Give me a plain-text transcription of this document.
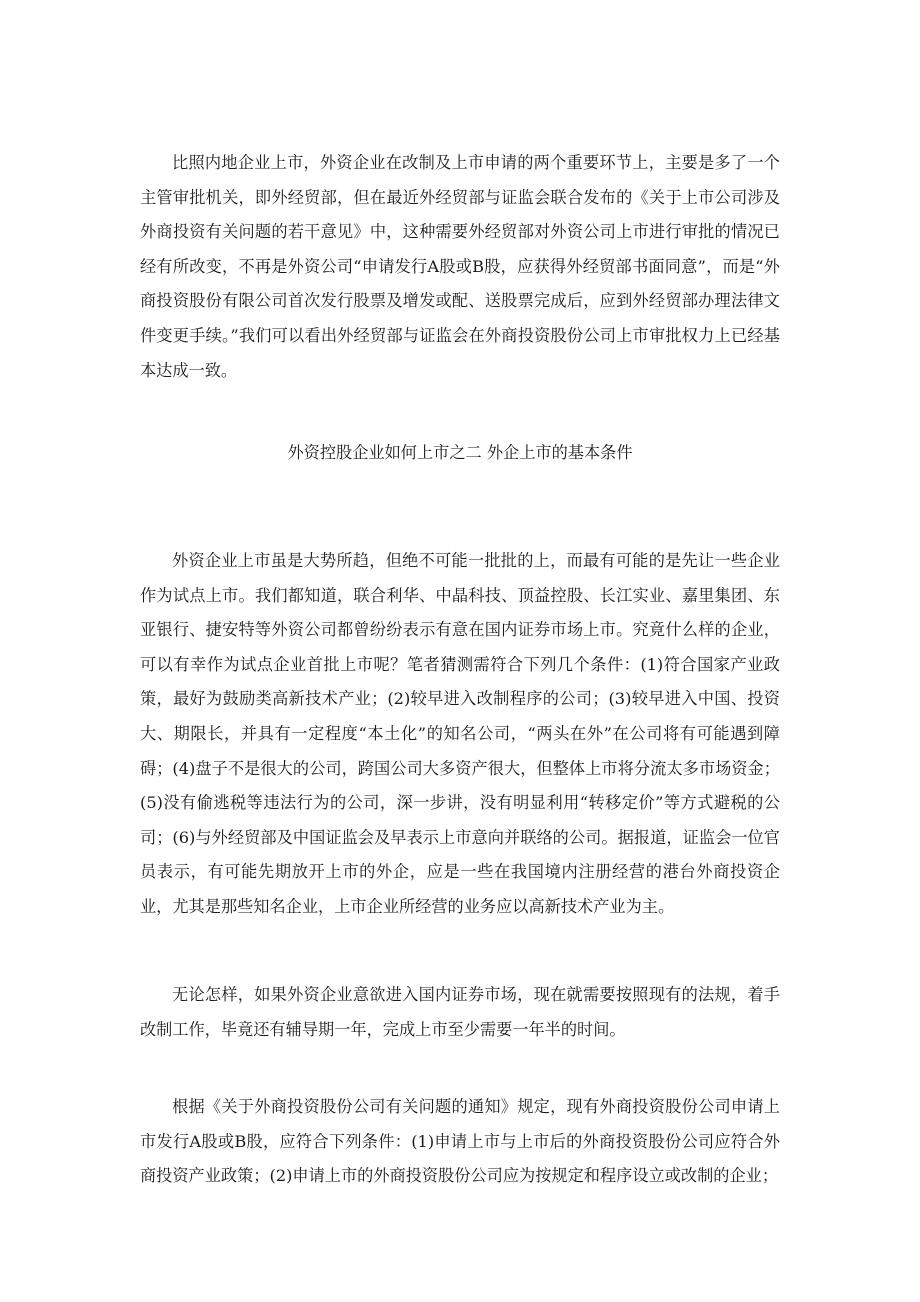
比照内地企业上市，外资企业在改制及上市申请的两个重要环节上，主要是多了一个主管审批机关，即外经贸部，但在最近外经贸部与证监会联合发布的《关于上市公司涉及外商投资有关问题的若干意见》中，这种需要外经贸部对外资公司上市进行审批的情况已经有所改变，不再是外资公司“申请发行A股或B股，应获得外经贸部书面同意”，而是“外商投资股份有限公司首次发行股票及增发或配、送股票完成后，应到外经贸部办理法律文件变更手续。”我们可以看出外经贸部与证监会在外商投资股份公司上市审批权力上已经基本达成一致。

外资控股企业如何上市之二 外企上市的基本条件

外资企业上市虽是大势所趋，但绝不可能一批批的上，而最有可能的是先让一些企业作为试点上市。我们都知道，联合利华、中晶科技、顶益控股、长江实业、嘉里集团、东亚银行、捷安特等外资公司都曾纷纷表示有意在国内证券市场上市。究竟什么样的企业，可以有幸作为试点企业首批上市呢？笔者猜测需符合下列几个条件：(1)符合国家产业政策，最好为鼓励类高新技术产业；(2)较早进入改制程序的公司；(3)较早进入中国、投资大、期限长，并具有一定程度“本土化”的知名公司，“两头在外”在公司将有可能遇到障碍；(4)盘子不是很大的公司，跨国公司大多资产很大，但整体上市将分流太多市场资金；(5)没有偷逃税等违法行为的公司，深一步讲，没有明显利用“转移定价”等方式避税的公司；(6)与外经贸部及中国证监会及早表示上市意向并联络的公司。据报道，证监会一位官员表示，有可能先期放开上市的外企，应是一些在我国境内注册经营的港台外商投资企业，尤其是那些知名企业，上市企业所经营的业务应以高新技术产业为主。

无论怎样，如果外资企业意欲进入国内证券市场，现在就需要按照现有的法规，着手改制工作，毕竟还有辅导期一年，完成上市至少需要一年半的时间。

根据《关于外商投资股份公司有关问题的通知》规定，现有外商投资股份公司申请上市发行A股或B股，应符合下列条件：(1)申请上市与上市后的外商投资股份公司应符合外商投资产业政策；(2)申请上市的外商投资股份公司应为按规定和程序设立或改制的企业；
